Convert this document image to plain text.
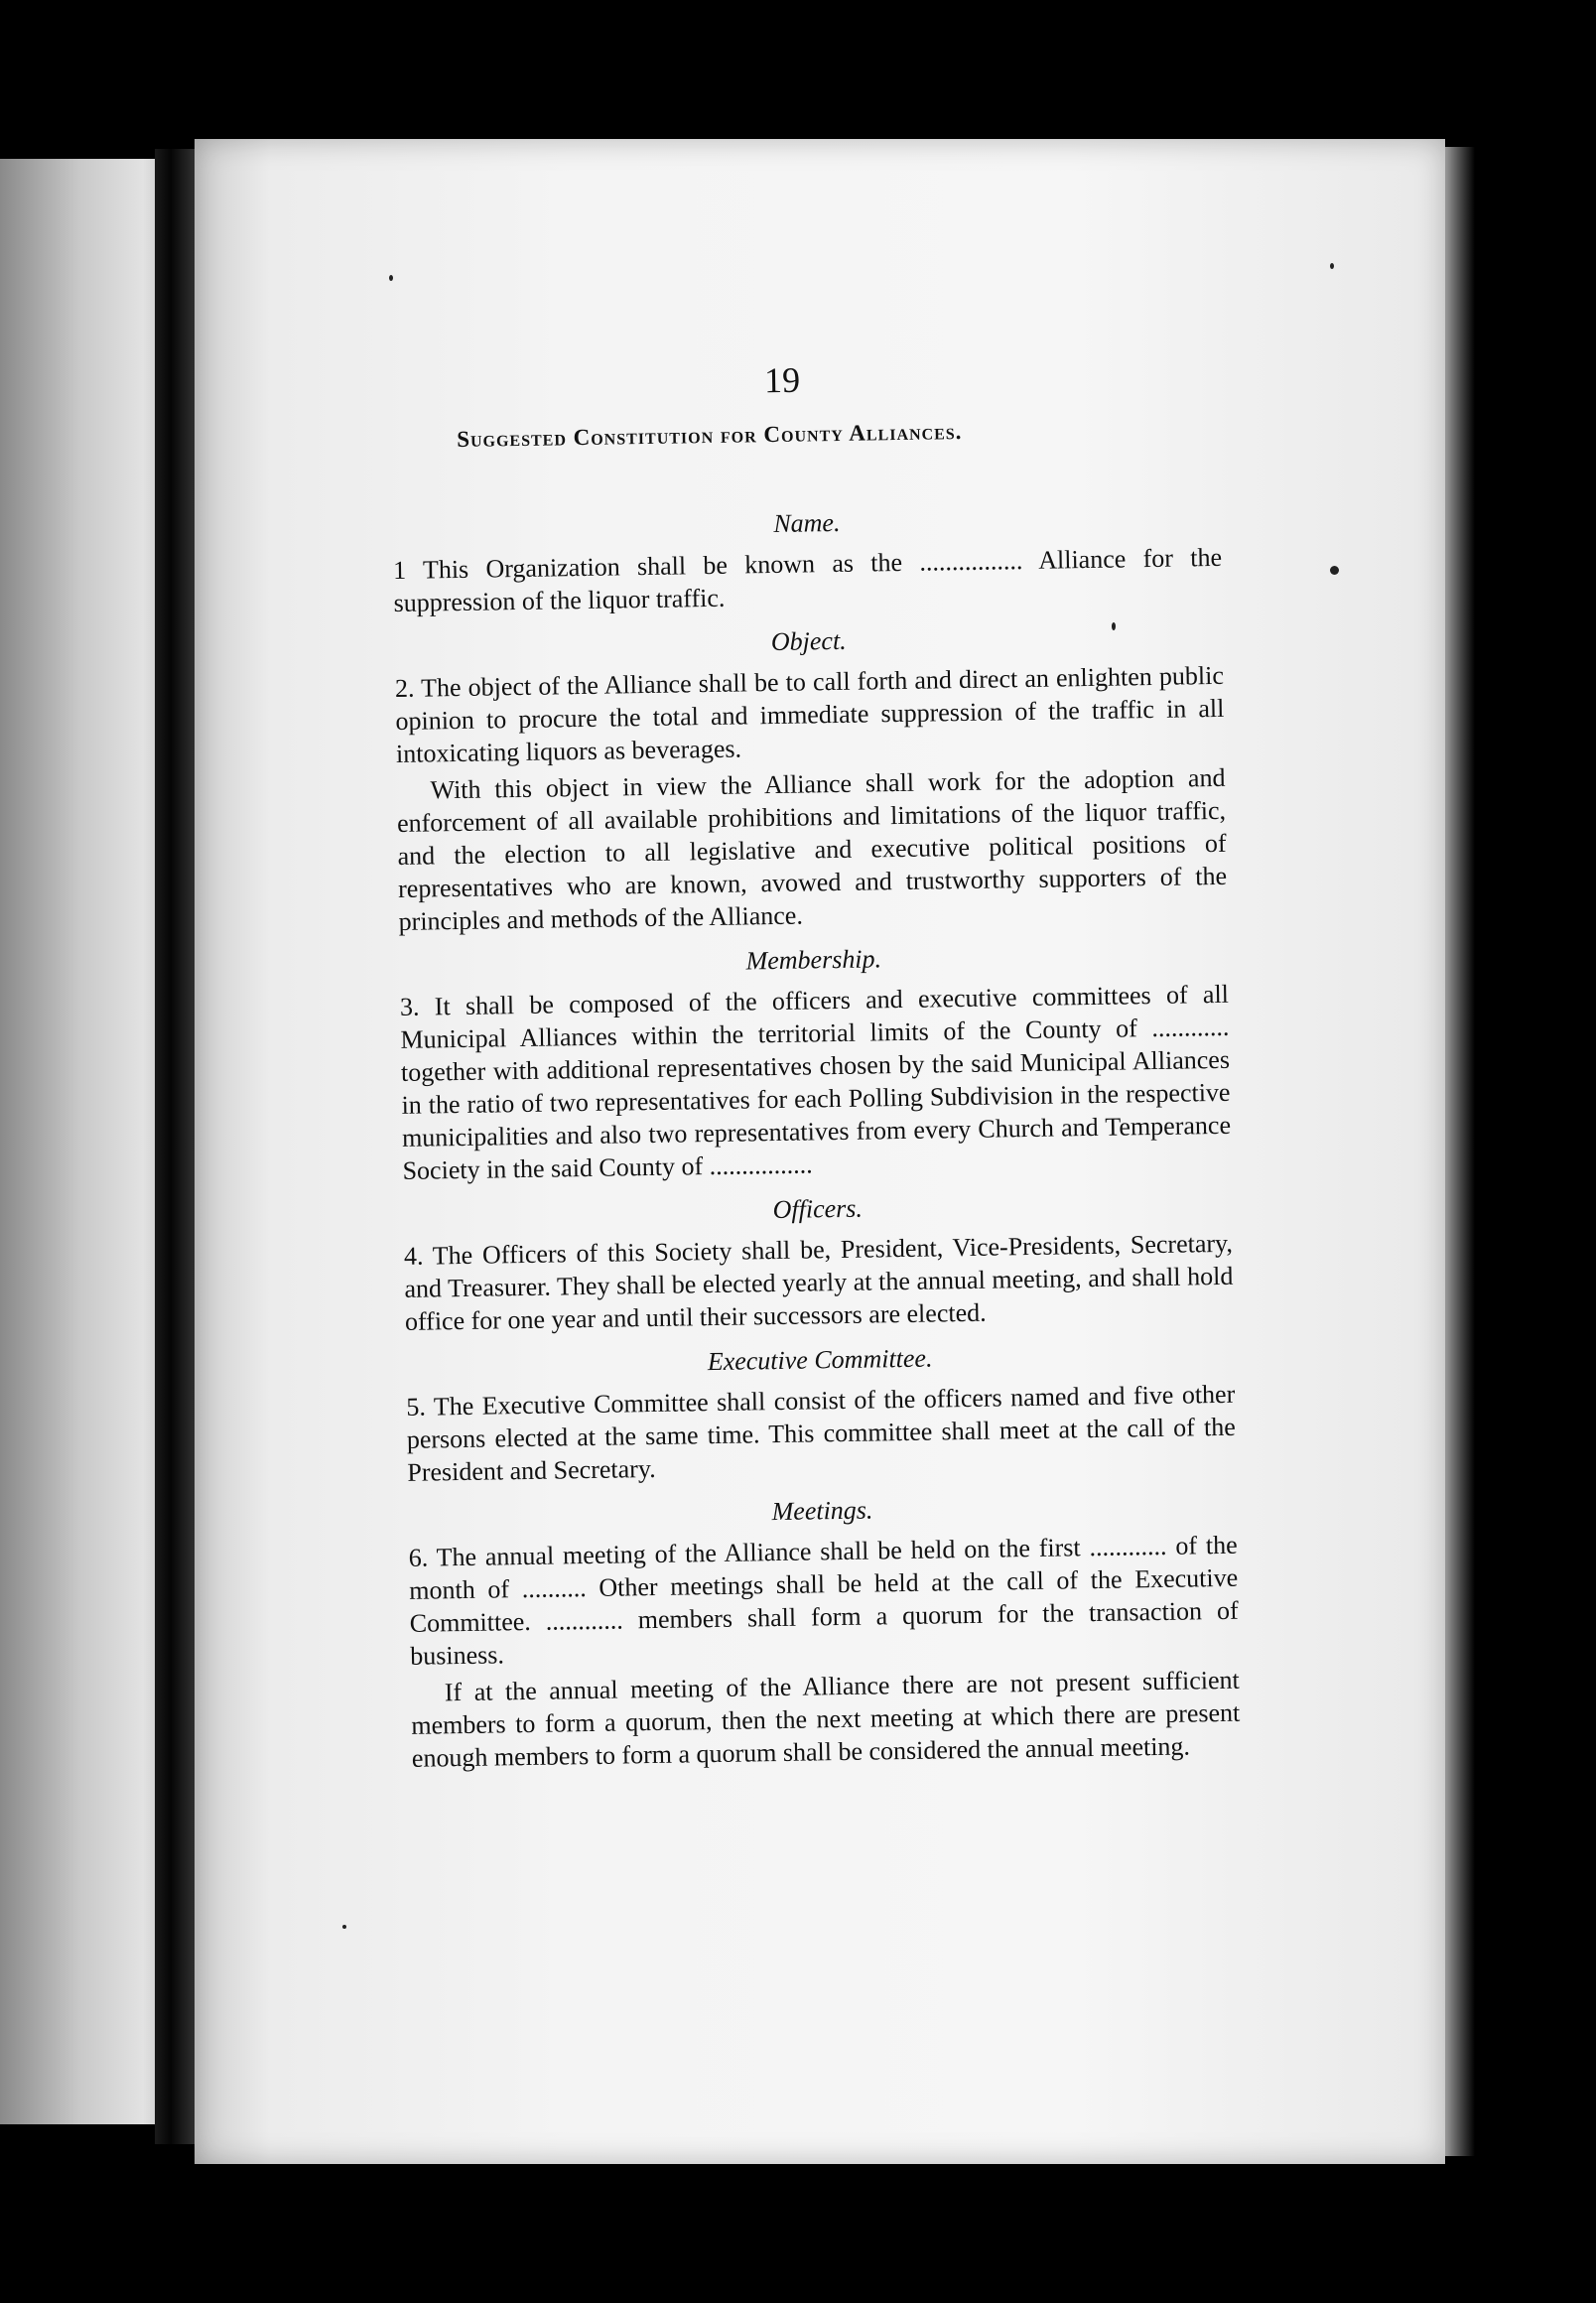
19
Suggested Constitution for County Alliances.
Name.

1 This Organization shall be known as the ................ Alliance for the suppression of the liquor traffic.

Object.

2. The object of the Alliance shall be to call forth and direct an enlighten public opinion to procure the total and immediate suppression of the traffic in all intoxicating liquors as beverages.

With this object in view the Alliance shall work for the adoption and enforcement of all available prohibitions and limitations of the liquor traffic, and the election to all legislative and executive political positions of representatives who are known, avowed and trustworthy supporters of the principles and methods of the Alliance.

Membership.

3. It shall be composed of the officers and executive committees of all Municipal Alliances within the territorial limits of the County of ............ together with additional representatives chosen by the said Municipal Alliances in the ratio of two representatives for each Polling Subdivision in the respective municipalities and also two representatives from every Church and Temperance Society in the said County of ................

Officers.

4. The Officers of this Society shall be, President, Vice-Presidents, Secretary, and Treasurer. They shall be elected yearly at the annual meeting, and shall hold office for one year and until their successors are elected.

Executive Committee.

5. The Executive Committee shall consist of the officers named and five other persons elected at the same time. This committee shall meet at the call of the President and Secretary.

Meetings.

6. The annual meeting of the Alliance shall be held on the first ............ of the month of .......... Other meetings shall be held at the call of the Executive Committee. ............ members shall form a quorum for the transaction of business.

If at the annual meeting of the Alliance there are not present sufficient members to form a quorum, then the next meeting at which there are present enough members to form a quorum shall be considered the annual meeting.
